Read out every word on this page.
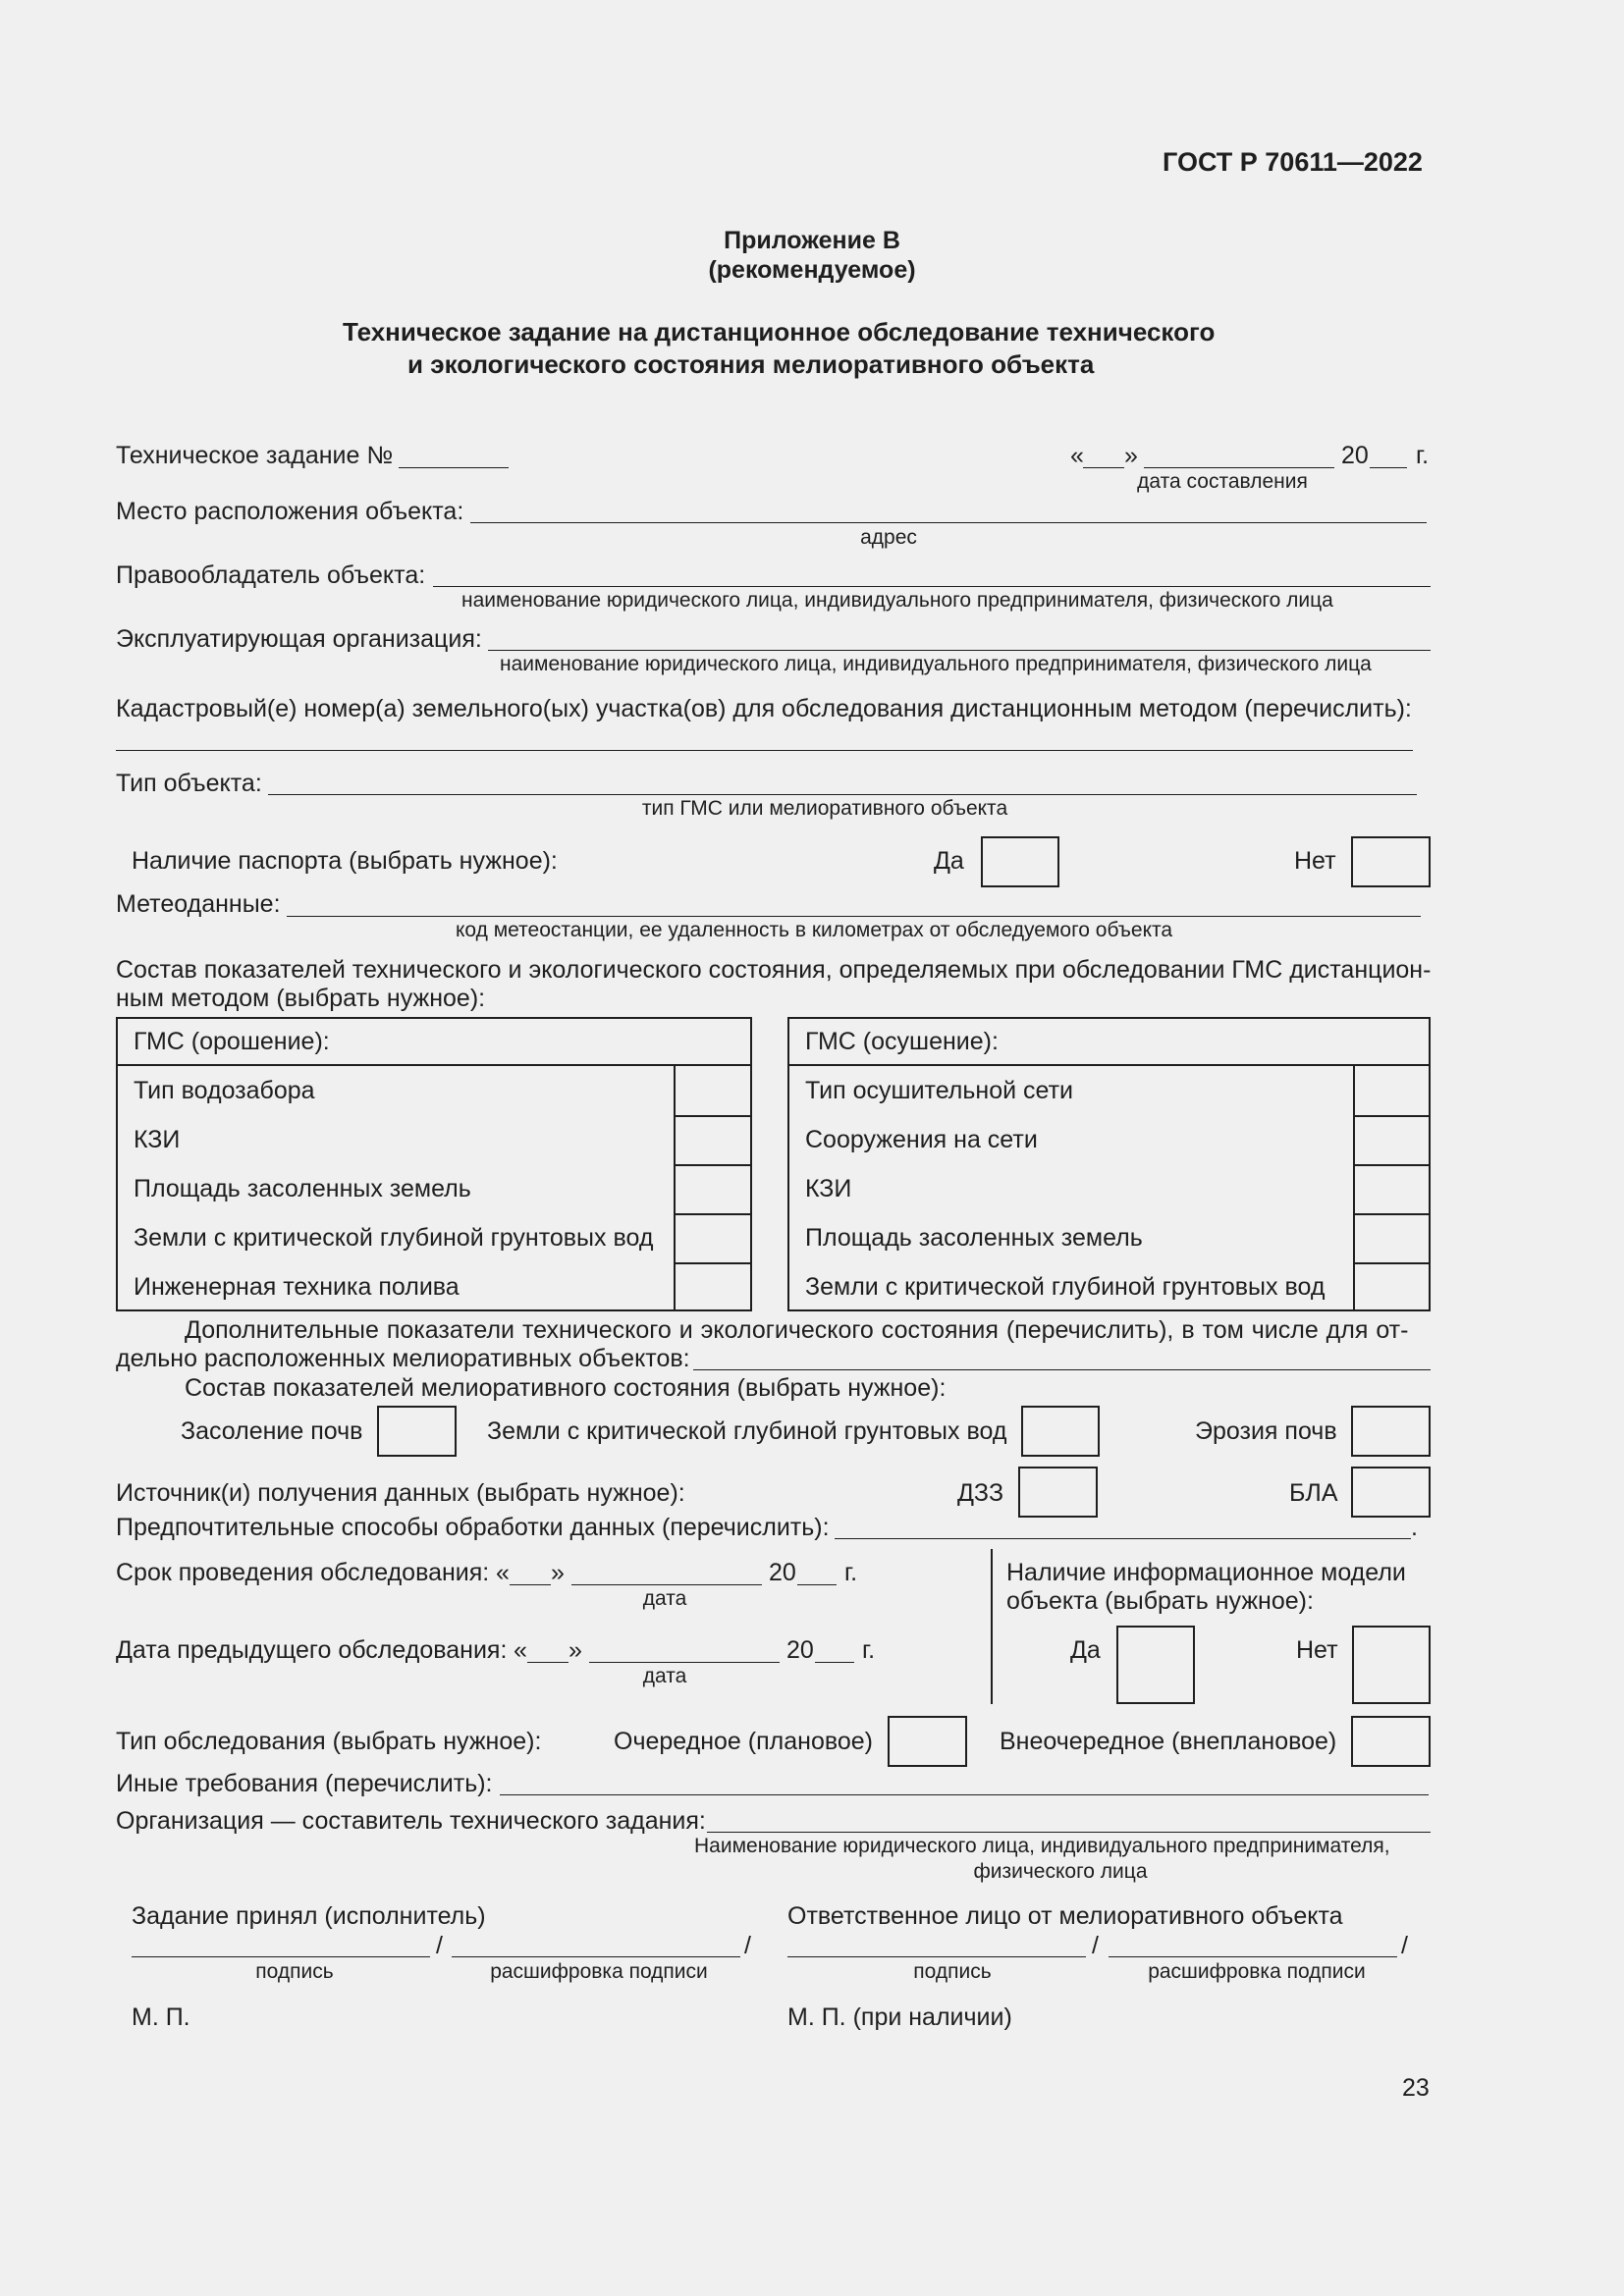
ГОСТ Р 70611—2022
Приложение В
(рекомендуемое)
Техническое задание на дистанционное обследование технического
и экологического состояния мелиоративного объекта
Техническое задание №	« »	20 г.
дата составления
Место расположения объекта:
адрес
Правообладатель объекта:
наименование юридического лица, индивидуального предпринимателя, физического лица
Эксплуатирующая организация:
наименование юридического лица, индивидуального предпринимателя, физического лица
Кадастровый(е) номер(а) земельного(ых) участка(ов) для обследования дистанционным методом (перечислить):
Тип объекта:
тип ГМС или мелиоративного объекта
Наличие паспорта (выбрать нужное):	Да	Нет
Метеоданные:
код метеостанции, ее удаленность в километрах от обследуемого объекта
Состав показателей технического и экологического состояния, определяемых при обследовании ГМС дистанцион-
ным методом (выбрать нужное):
ГМС (орошение):
Тип водозабора
КЗИ
Площадь засоленных земель
Земли с критической глубиной грунтовых вод
Инженерная техника полива
ГМС (осушение):
Тип осушительной сети
Сооружения на сети
КЗИ
Площадь засоленных земель
Земли с критической глубиной грунтовых вод
Дополнительные показатели технического и экологического состояния (перечислить), в том числе для от-
дельно расположенных мелиоративных объектов:
Состав показателей мелиоративного состояния (выбрать нужное):
Засоление почв	Земли с критической глубиной грунтовых вод	Эрозия почв
Источник(и) получения данных (выбрать нужное):	ДЗЗ	БЛА
Предпочтительные способы обработки данных (перечислить):	.
Срок проведения обследования: « »	20 г.
дата
Дата предыдущего обследования: « »	20 г.
дата
Наличие информационное модели
объекта (выбрать нужное):
Да	Нет
Тип обследования (выбрать нужное):	Очередное (плановое)	Внеочередное (внеплановое)
Иные требования (перечислить):
Организация — составитель технического задания:
Наименование юридического лица, индивидуального предпринимателя,
физического лица
Задание принял (исполнитель)
/	/
подпись	расшифровка подписи
М. П.
Ответственное лицо от мелиоративного объекта
/	/
подпись	расшифровка подписи
М. П. (при наличии)
23
